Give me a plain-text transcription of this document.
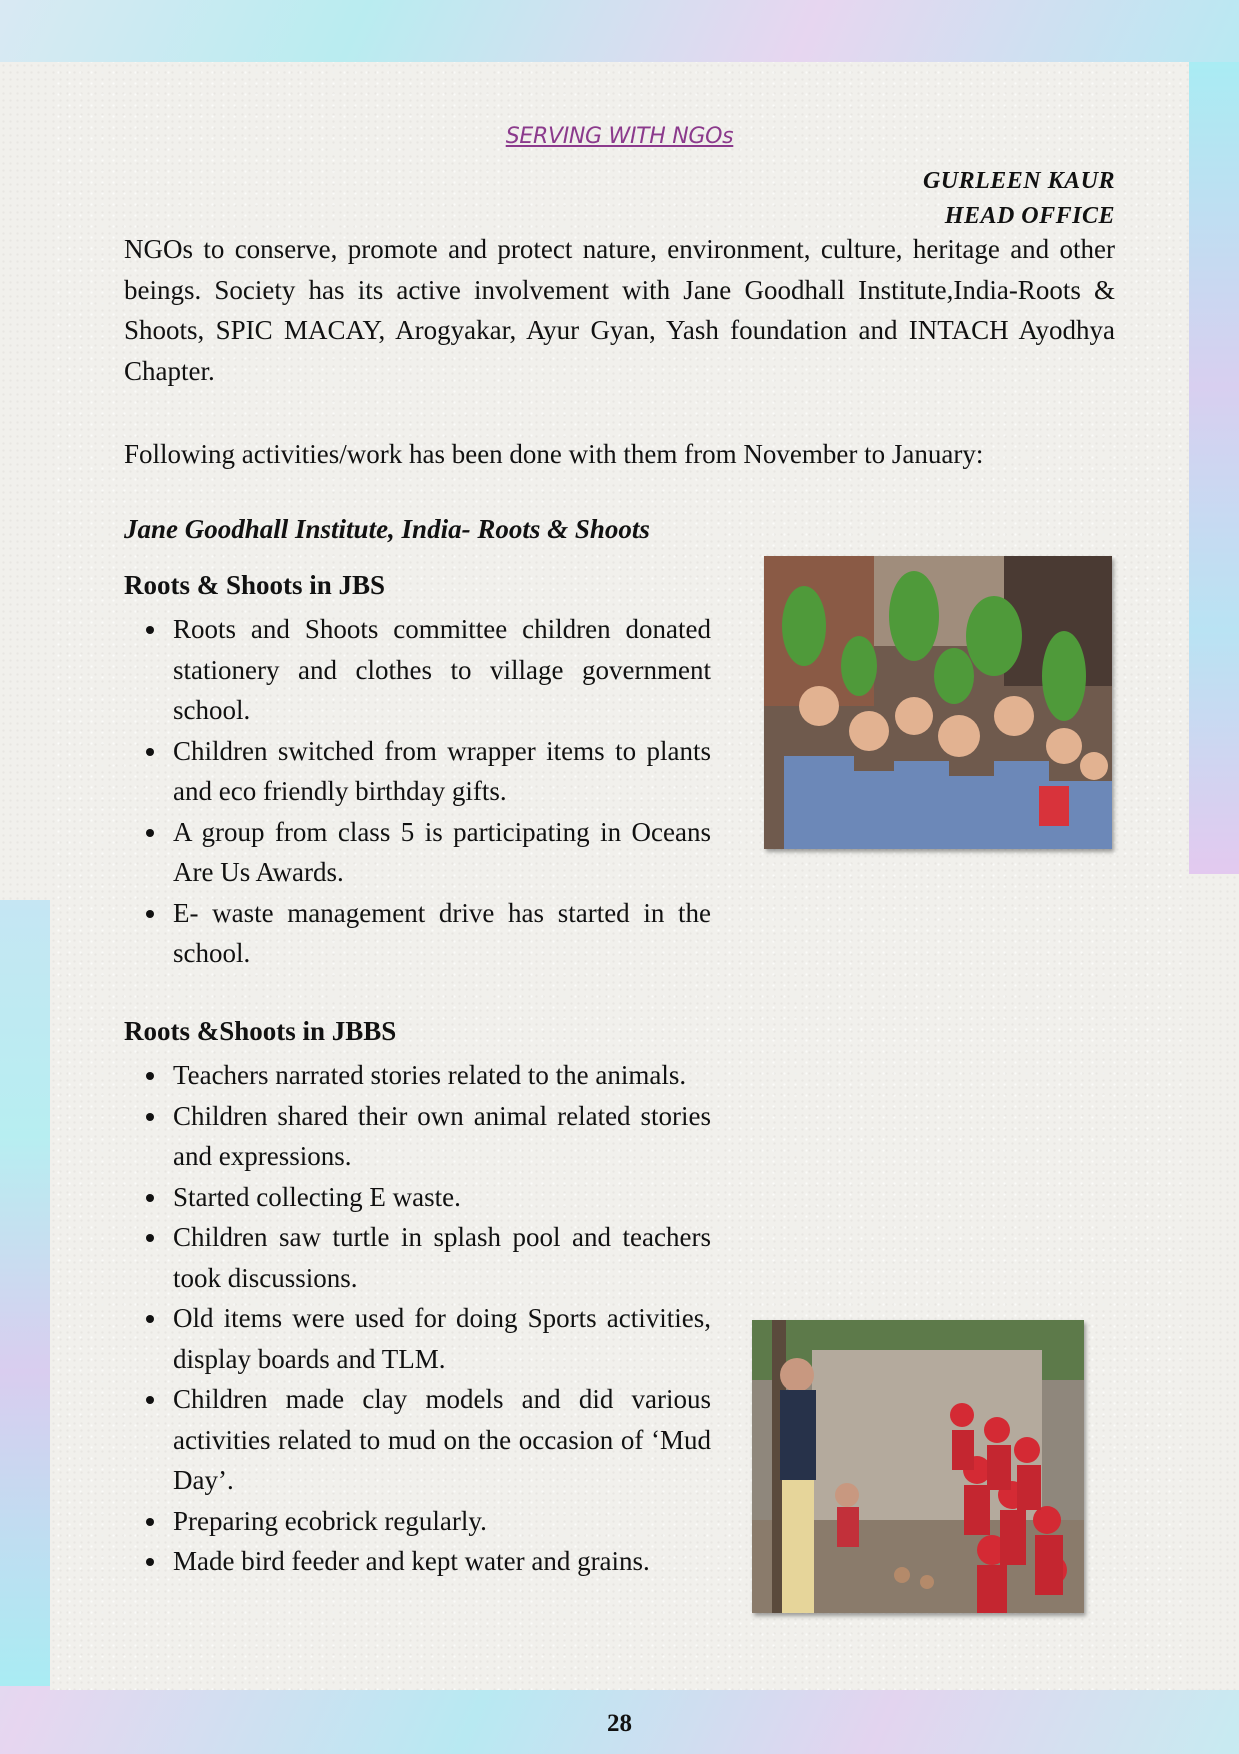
SERVING WITH NGOs
GURLEEN KAUR
HEAD OFFICE

NGOs to conserve, promote and protect nature, environment, culture, heritage and other beings. Society has its active involvement with Jane Goodhall Institute,India-Roots & Shoots, SPIC MACAY, Arogyakar, Ayur Gyan, Yash foundation and INTACH Ayodhya Chapter.

Following activities/work has been done with them from November to January:

Jane Goodhall Institute, India- Roots & Shoots

Roots & Shoots in JBS

Roots and Shoots committee children donated stationery and clothes to village government school.
Children switched from wrapper items to plants and eco friendly birthday gifts.
A group from class 5 is participating in Oceans Are Us Awards.
E- waste management drive has started in the school.

Roots &Shoots in JBBS

Teachers narrated stories related to the animals.
Children shared their own animal related stories and expressions.
Started collecting E waste.
Children saw turtle in splash pool and teachers took discussions.
Old items were used for doing Sports activities, display boards and TLM.
Children made clay models and did various activities related to mud on the occasion of ‘Mud Day’.
Preparing ecobrick regularly.
Made bird feeder and kept water and grains.
28
